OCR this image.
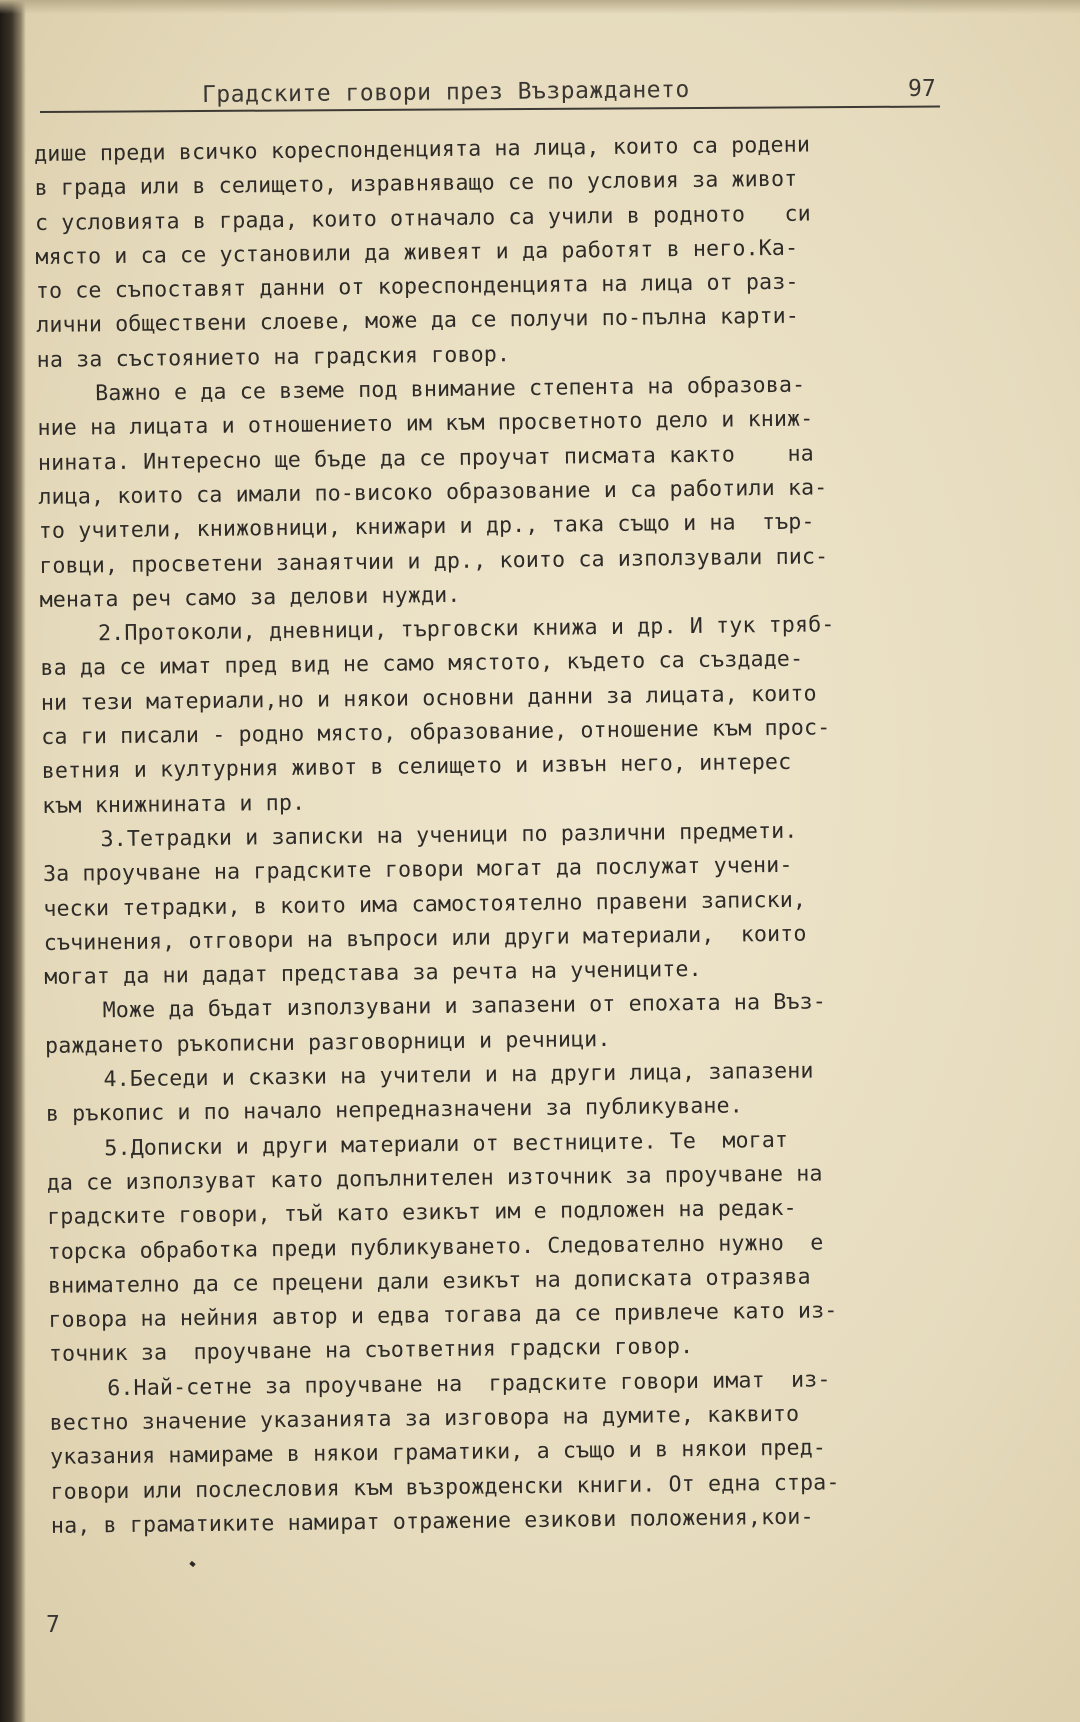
Градските говори през Възраждането	97
дише преди всичко кореспонденцията на лица, които са родени
в града или в селището, изравняващо се по условия за живот
с условията в града, които отначало са учили в родното   си
място и са се установили да живеят и да работят в него.Ка-
то се съпоставят данни от кореспонденцията на лица от раз-
лични обществени слоеве, може да се получи по-пълна карти-
на за състоянието на градския говор.
Важно е да се вземе под внимание степента на образова-
ние на лицата и отношението им към просветното дело и книж-
нината. Интересно ще бъде да се проучат писмата както    на
лица, които са имали по-високо образование и са работили ка-
то учители, книжовници, книжари и др., така също и на  тър-
говци, просветени занаятчии и др., които са използували пис-
мената реч само за делови нужди.
2.Протоколи, дневници, търговски книжа и др. И тук тряб-
ва да се имат пред вид не само мястото, където са създаде-
ни тези материали,но и някои основни данни за лицата, които
са ги писали - родно място, образование, отношение към прос-
ветния и културния живот в селището и извън него, интерес
към книжнината и пр.
3.Тетрадки и записки на ученици по различни предмети.
За проучване на градските говори могат да послужат учени-
чески тетрадки, в които има самостоятелно правени записки,
съчинения, отговори на въпроси или други материали,  които
могат да ни дадат представа за речта на учениците.
Може да бъдат използувани и запазени от епохата на Въз-
раждането ръкописни разговорници и речници.
4.Беседи и сказки на учители и на други лица, запазени
в ръкопис и по начало непредназначени за публикуване.
5.Дописки и други материали от вестниците. Те  могат
да се използуват като допълнителен източник за проучване на
градските говори, тъй като езикът им е подложен на редак-
торска обработка преди публикуването. Следователно нужно  е
внимателно да се прецени дали езикът на дописката отразява
говора на нейния автор и едва тогава да се привлече като из-
точник за  проучване на съответния градски говор.
6.Най-сетне за проучване на  градските говори имат  из-
вестно значение указанията за изговора на думите, каквито
указания намираме в някои граматики, а също и в някои пред-
говори или послесловия към възрожденски книги. От една стра-
на, в граматиките намират отражение езикови положения,кои-
7
